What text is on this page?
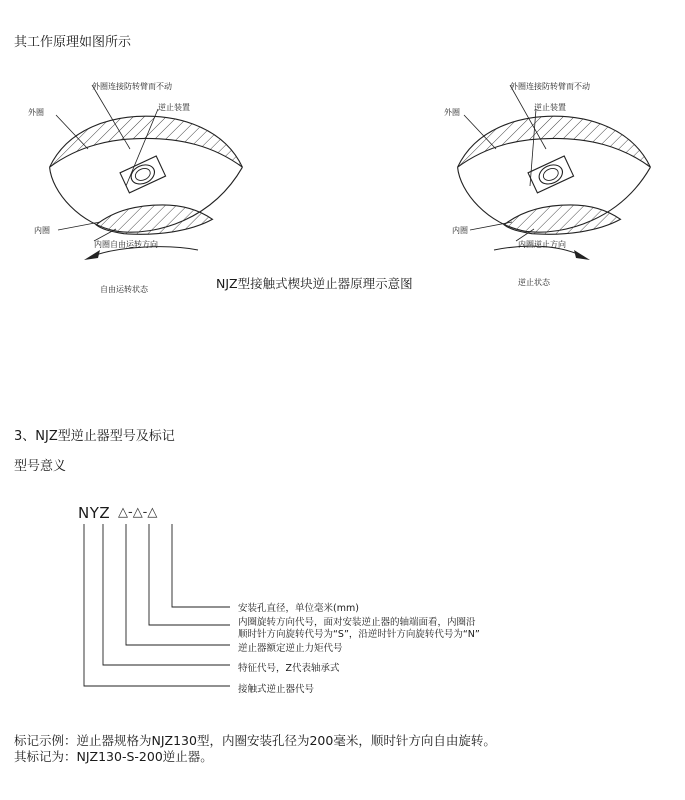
其工作原理如图所示
外圈连接防转臂而不动
外圈
逆止装置
内圈
内圈自由运转方向
自由运转状态
外圈连接防转臂而不动
外圈
逆止装置
内圈
内圈逆止方向
逆止状态
NJZ型接触式楔块逆止器原理示意图
3、NJZ型逆止器型号及标记
型号意义
NYZ △-△-△
安装孔直径，单位毫米(mm)
内圈旋转方向代号，面对安装逆止器的轴端面看，内圈沿
顺时针方向旋转代号为“S”，沿逆时针方向旋转代号为“N”
逆止器额定逆止力矩代号
特征代号，Z代表轴承式
接触式逆止器代号
标记示例：逆止器规格为NJZ130型，内圈安装孔径为200毫米，顺时针方向自由旋转。
其标记为：NJZ130-S-200逆止器。
